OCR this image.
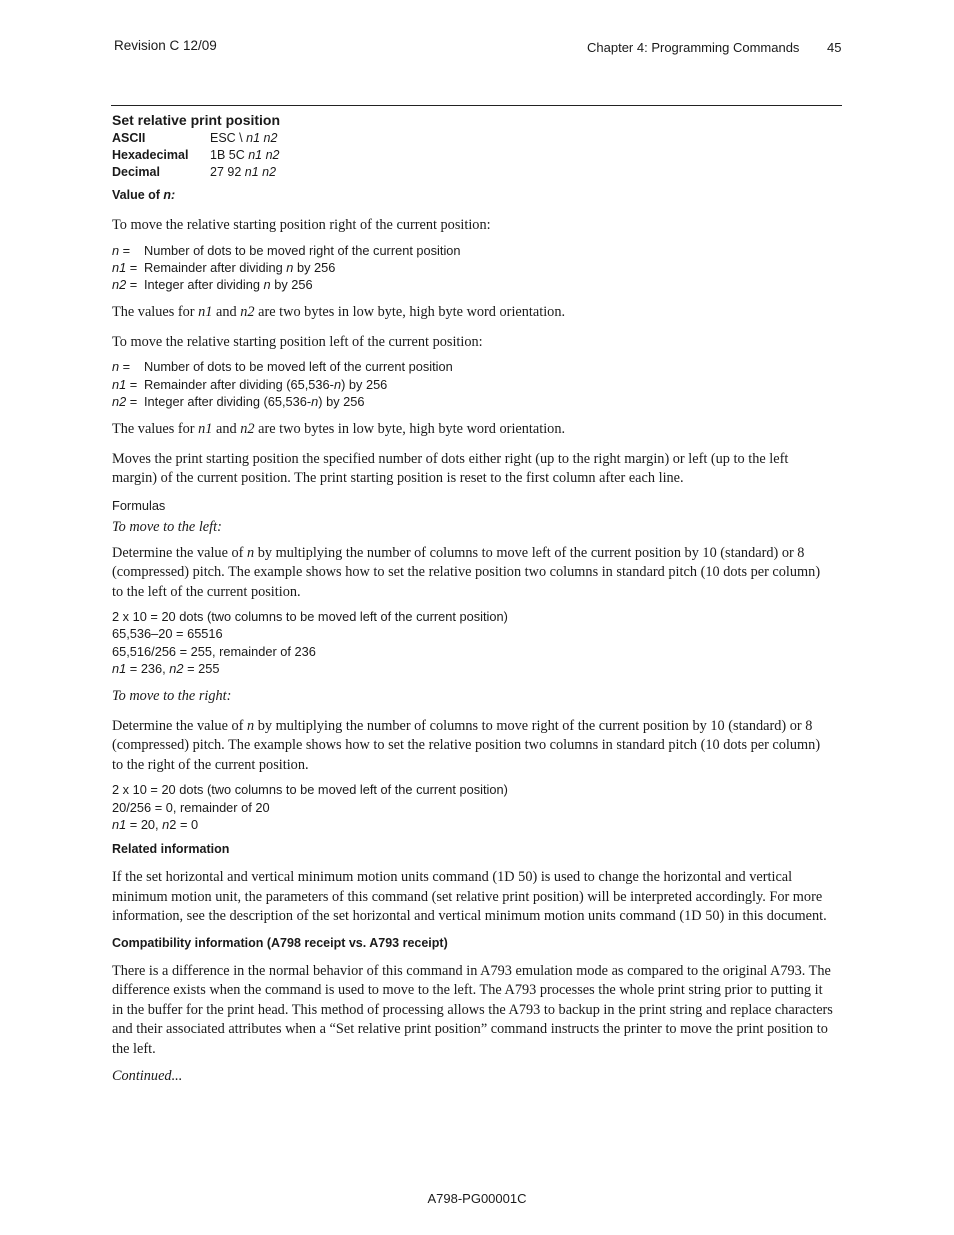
Revision C 12/09	Chapter 4: Programming Commands 45
Set relative print position
ASCII	ESC \ n1 n2
Hexadecimal	1B 5C n1 n2
Decimal	27 92 n1 n2
Value of n:

To move the relative starting position right of the current position:

n = Number of dots to be moved right of the current position
n1 = Remainder after dividing n by 256
n2 = Integer after dividing n by 256

The values for n1 and n2 are two bytes in low byte, high byte word orientation.

To move the relative starting position left of the current position:

n = Number of dots to be moved left of the current position
n1 = Remainder after dividing (65,536-n) by 256
n2 = Integer after dividing (65,536-n) by 256

The values for n1 and n2 are two bytes in low byte, high byte word orientation.

Moves the print starting position the specified number of dots either right (up to the right margin) or left (up to the left margin) of the current position. The print starting position is reset to the first column after each line.

Formulas

To move to the left:

Determine the value of n by multiplying the number of columns to move left of the current position by 10 (standard) or 8 (compressed) pitch. The example shows how to set the relative position two columns in standard pitch (10 dots per column) to the left of the current position.

2 x 10 = 20 dots (two columns to be moved left of the current position)
65,536–20 = 65516
65,516/256 = 255, remainder of 236
n1 = 236, n2 = 255

To move to the right:

Determine the value of n by multiplying the number of columns to move right of the current position by 10 (standard) or 8 (compressed) pitch. The example shows how to set the relative position two columns in standard pitch (10 dots per column) to the right of the current position.

2 x 10 = 20 dots (two columns to be moved left of the current position)
20/256 = 0, remainder of 20
n1 = 20, n2 = 0
Related information

If the set horizontal and vertical minimum motion units command (1D 50) is used to change the horizontal and vertical minimum motion unit, the parameters of this command (set relative print position) will be interpreted accordingly. For more information, see the description of the set horizontal and vertical minimum motion units command (1D 50) in this document.

Compatibility information (A798 receipt vs. A793 receipt)

There is a difference in the normal behavior of this command in A793 emulation mode as compared to the original A793. The difference exists when the command is used to move to the left. The A793 processes the whole print string prior to putting it in the buffer for the print head. This method of processing allows the A793 to backup in the print string and replace characters and their associated attributes when a “Set relative print position” command instructs the printer to move the print position to the left.

Continued...

A798-PG00001C
